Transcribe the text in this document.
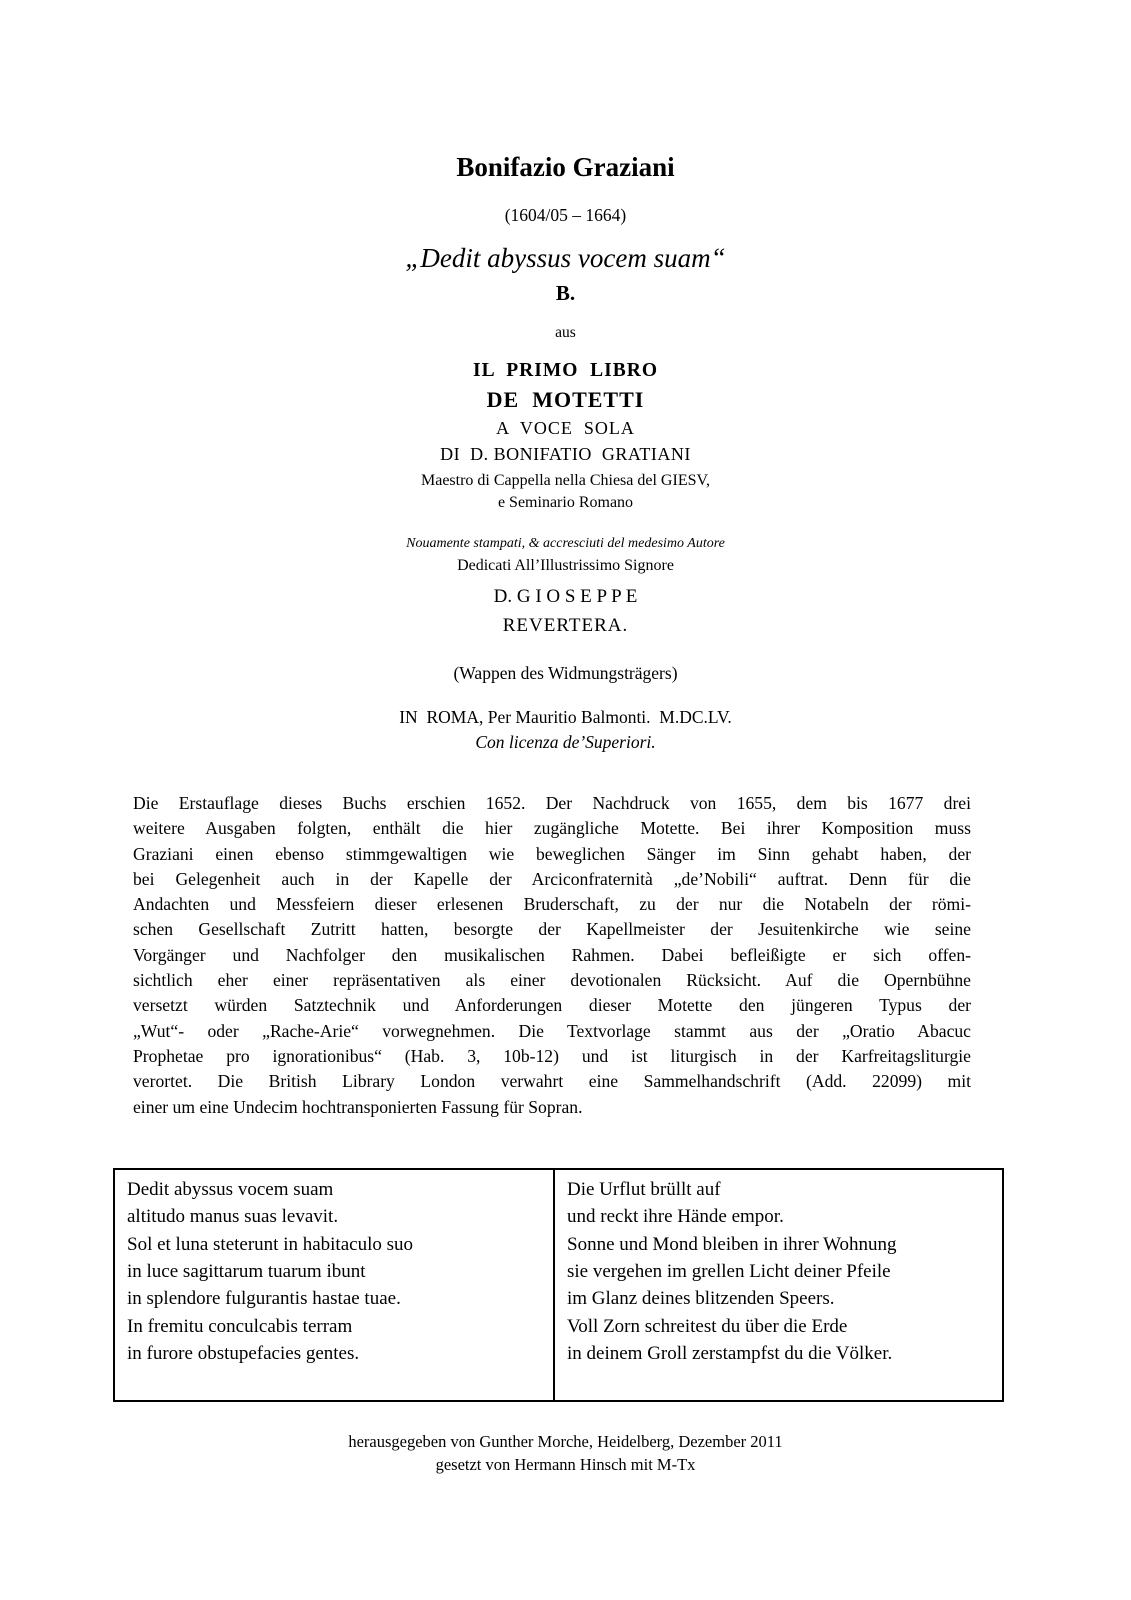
Bonifazio Graziani
(1604/05 – 1664)
„Dedit abyssus vocem suam“
B.
aus
IL  PRIMO  LIBRO
DE  MOTETTI
A  VOCE  SOLA
DI  D. BONIFATIO  GRATIANI
Maestro di Cappella nella Chiesa del GIESV,
e Seminario Romano
Nouamente stampati, & accresciuti del medesimo Autore
Dedicati All’Illustrissimo Signore
D. G I O S E P P E
REVERTERA.
(Wappen des Widmungsträgers)
IN  ROMA, Per Mauritio Balmonti.  M.DC.LV.
Con licenza de’Superiori.
Die Erstauflage dieses Buchs erschien 1652. Der Nachdruck von 1655, dem bis 1677 drei
weitere Ausgaben folgten, enthält die hier zugängliche Motette. Bei ihrer Komposition muss
Graziani einen ebenso stimmgewaltigen wie beweglichen Sänger im Sinn gehabt haben, der
bei Gelegenheit auch in der Kapelle der Arciconfraternità „de’Nobili“ auftrat. Denn für die
Andachten und Messfeiern dieser erlesenen Bruderschaft, zu der nur die Notabeln der römi-
schen Gesellschaft Zutritt hatten, besorgte der Kapellmeister der Jesuitenkirche wie seine
Vorgänger und Nachfolger den musikalischen Rahmen. Dabei befleißigte er sich offen-
sichtlich eher einer repräsentativen als einer devotionalen Rücksicht. Auf die Opernbühne
versetzt würden Satztechnik und Anforderungen dieser Motette den jüngeren Typus der
„Wut“- oder „Rache-Arie“ vorwegnehmen. Die Textvorlage stammt aus der „Oratio Abacuc
Prophetae pro ignorationibus“ (Hab. 3, 10b-12) und ist liturgisch in der Karfreitagsliturgie
verortet. Die British Library London verwahrt eine Sammelhandschrift (Add. 22099) mit
einer um eine Undecim hochtransponierten Fassung für Sopran.
Dedit abyssus vocem suam
altitudo manus suas levavit.
Sol et luna steterunt in habitaculo suo
in luce sagittarum tuarum ibunt
in splendore fulgurantis hastae tuae.
In fremitu conculcabis terram
in furore obstupefacies gentes.

Die Urflut brüllt auf
und reckt ihre Hände empor.
Sonne und Mond bleiben in ihrer Wohnung
sie vergehen im grellen Licht deiner Pfeile
im Glanz deines blitzenden Speers.
Voll Zorn schreitest du über die Erde
in deinem Groll zerstampfst du die Völker.
herausgegeben von Gunther Morche, Heidelberg, Dezember 2011
gesetzt von Hermann Hinsch mit M-Tx
